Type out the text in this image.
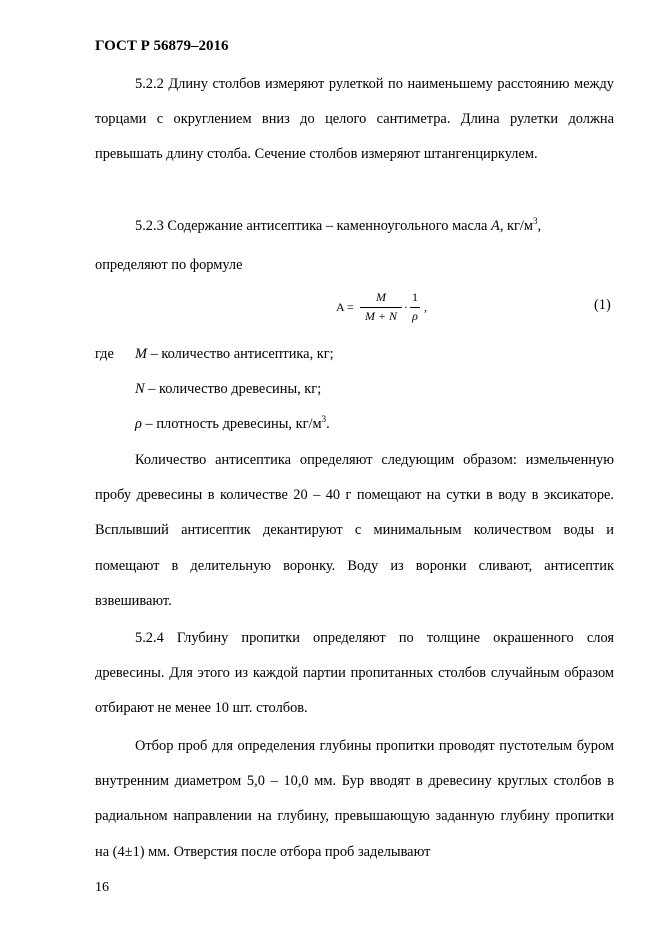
ГОСТ Р 56879–2016
5.2.2 Длину столбов измеряют рулеткой по наименьшему расстоянию между торцами с округлением вниз до целого сантиметра. Длина рулетки должна превышать длину столба. Сечение столбов измеряют штангенциркулем.
5.2.3 Содержание антисептика – каменноугольного масла A, $кг/м^3$,
определяют по формуле
A =
M
M + N
·
1
ρ
,	(1)
где M – количество антисептика, кг;
N – количество древесины, кг;
ρ – плотность древесины, $кг/м^3$.
Количество антисептика определяют следующим образом: измельченную пробу древесины в количестве 20 – 40 г помещают на сутки в воду в эксикаторе. Всплывший антисептик декантируют с минимальным количеством воды и помещают в делительную воронку. Воду из воронки сливают, антисептик взвешивают.
5.2.4 Глубину пропитки определяют по толщине окрашенного слоя древесины. Для этого из каждой партии пропитанных столбов случайным образом отбирают не менее 10 шт. столбов.
Отбор проб для определения глубины пропитки проводят пустотелым буром внутренним диаметром 5,0 – 10,0 мм. Бур вводят в древесину круглых столбов в радиальном направлении на глубину, превышающую заданную глубину пропитки на (4±1) мм. Отверстия после отбора проб заделывают
16
